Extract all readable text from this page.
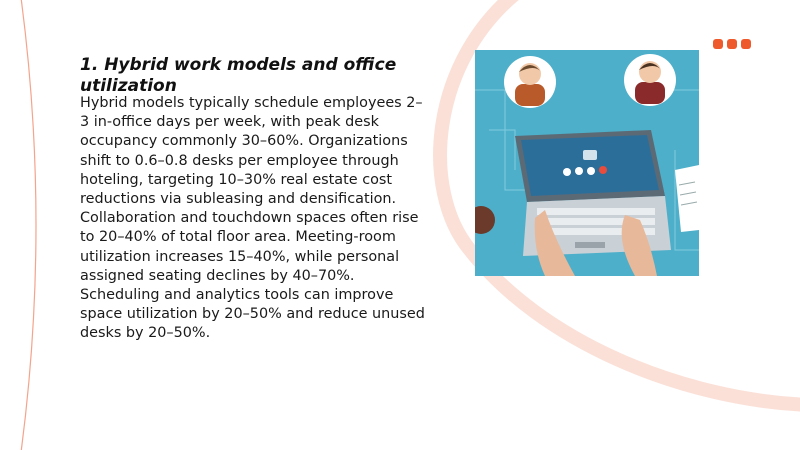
1. Hybrid work models and office utilization

Hybrid models typically schedule employees 2–3 in-office days per week, with peak desk occupancy commonly 30–60%. Organizations shift to 0.6–0.8 desks per employee through hoteling, targeting 10–30% real estate cost reductions via subleasing and densification. Collaboration and touchdown spaces often rise to 20–40% of total floor area. Meeting-room utilization increases 15–40%, while personal assigned seating declines by 40–70%. Scheduling and analytics tools can improve space utilization by 20–50% and reduce unused desks by 20–50%.
